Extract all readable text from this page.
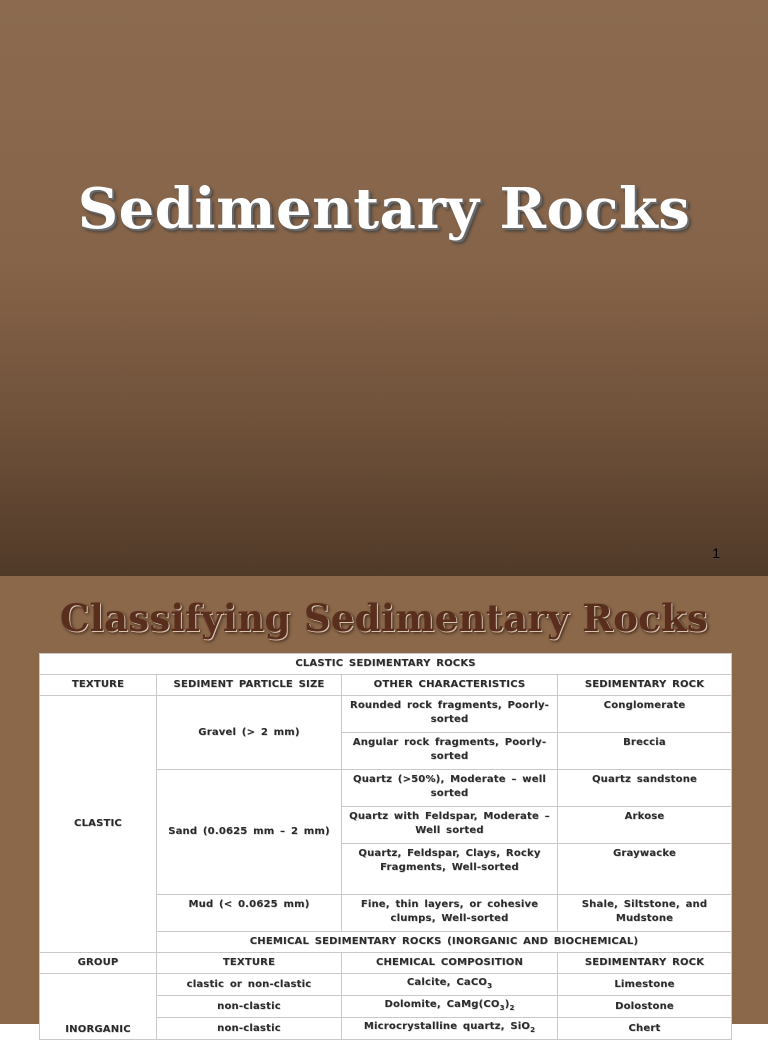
Sedimentary Rocks
1
Classifying Sedimentary Rocks
CLASTIC SEDIMENTARY ROCKS			
TEXTURE	SEDIMENT PARTICLE SIZE	OTHER CHARACTERISTICS	SEDIMENTARY ROCK
CLASTIC	Gravel (> 2 mm)	Rounded rock fragments, Poorly-sorted	Conglomerate
		Angular rock fragments, Poorly-sorted	Breccia
	Sand (0.0625 mm – 2 mm)	Quartz (>50%), Moderate – well sorted	Quartz sandstone
		Quartz with Feldspar, Moderate –Well sorted	Arkose
		Quartz, Feldspar, Clays, Rocky Fragments, Well-sorted	Graywacke
	Mud (< 0.0625 mm)	Fine, thin layers, or cohesive clumps, Well-sorted	Shale, Siltstone, and Mudstone
	CHEMICAL SEDIMENTARY ROCKS (INORGANIC AND BIOCHEMICAL)		
GROUP	TEXTURE	CHEMICAL COMPOSITION	SEDIMENTARY ROCK
INORGANIC	clastic or non-clastic	Calcite, CaCO$_3$	Limestone
	non-clastic	Dolomite, $CaMg(CO_3)_2$	Dolostone
	non-clastic	Microcrystalline quartz, SiO$_2$	Chert
